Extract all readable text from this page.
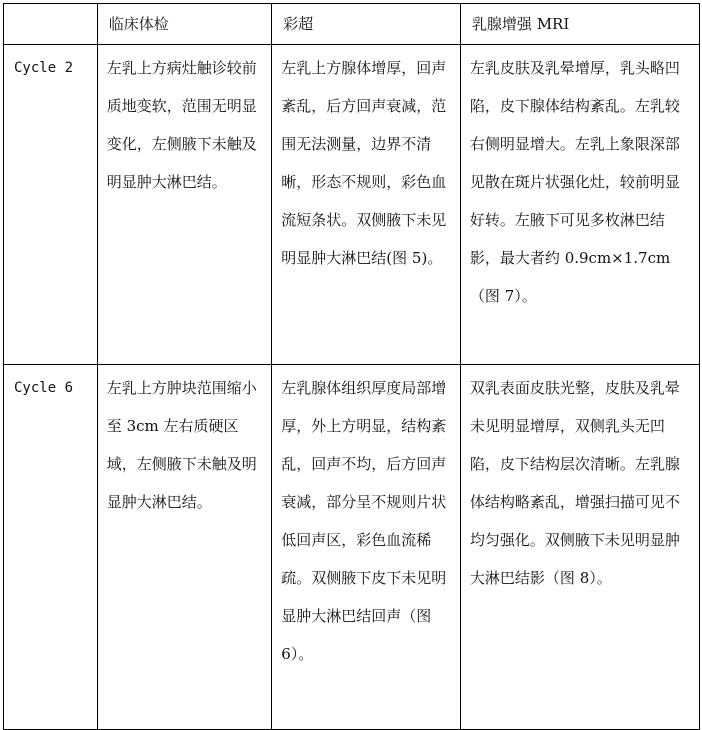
	临床体检	彩超	乳腺增强 MRI
Cycle 2	左乳上方病灶触诊较前质地变软，范围无明显变化，左侧腋下未触及明显肿大淋巴结。	左乳上方腺体增厚，回声紊乱，后方回声衰减，范围无法测量，边界不清晰，形态不规则，彩色血流短条状。双侧腋下未见明显肿大淋巴结(图 5)。	左乳皮肤及乳晕增厚，乳头略凹陷，皮下腺体结构紊乱。左乳较右侧明显增大。左乳上象限深部见散在斑片状强化灶，较前明显好转。左腋下可见多枚淋巴结影，最大者约 0.9cm×1.7cm（图 7）。
Cycle 6	左乳上方肿块范围缩小至 3cm 左右质硬区域，左侧腋下未触及明显肿大淋巴结。	左乳腺体组织厚度局部增厚，外上方明显，结构紊乱，回声不均，后方回声衰减，部分呈不规则片状低回声区，彩色血流稀疏。双侧腋下皮下未见明显肿大淋巴结回声（图 6）。	双乳表面皮肤光整，皮肤及乳晕未见明显增厚，双侧乳头无凹陷，皮下结构层次清晰。左乳腺体结构略紊乱，增强扫描可见不均匀强化。双侧腋下未见明显肿大淋巴结影（图 8）。
